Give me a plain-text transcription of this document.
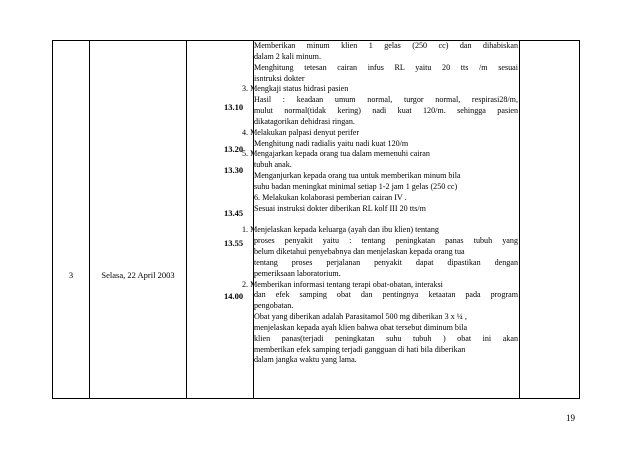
3	Selasa, 22 April 2003
13.10
13.20
13.30
13.45
13.55
14.00
Memberikan minum klien 1 gelas (250 cc) dan dihabiskan
dalam 2 kali minum.
Menghitung tetesan cairan infus RL yaitu 20 tts /m sesuai
isntruksi dokter
3. Mengkaji status hidrasi pasien
Hasil : keadaan umum normal, turgor normal, respirasi28/m,
mulut normal(tidak kering) nadi kuat 120/m. sehingga pasien
dikatagorikan dehidrasi ringan.
4. Melakukan palpasi denyut perifer
Menghitung nadi radialis yaitu nadi kuat 120/m
5. Mengajarkan kepada orang tua dalam memenuhi cairan
tubuh anak.
Menganjurkan kepada orang tua untuk memberikan minum bila
suhu badan meningkat minimal setiap 1-2 jam 1 gelas (250 cc)
6. Melakukan kolaborasi pemberian cairan IV .
Sesuai instruksi dokter diberikan RL kolf III 20 tts/m
1. Menjelaskan kepada keluarga (ayah dan ibu klien) tentang
proses penyakit yaitu : tentang peningkatan panas tubuh yang
belum diketahui penyebabnya dan menjelaskan kepada orang tua
tentang proses perjalanan penyakit dapat dipastikan dengan
pemeriksaan laboratorium.
2. Memberikan informasi tentang terapi obat-obatan, interaksi
dan efek samping obat dan pentingnya ketaatan pada program
pengobatan.
Obat yang diberikan adalah Parasitamol 500 mg diberikan 3 x ¼ ,
menjelaskan kepada ayah klien bahwa obat tersebut diminum bila
klien panas(terjadi peningkatan suhu tubuh ) obat ini akan
memberikan efek samping terjadi gangguan di hati bila diberikan
dalam jangka waktu yang lama.
19
